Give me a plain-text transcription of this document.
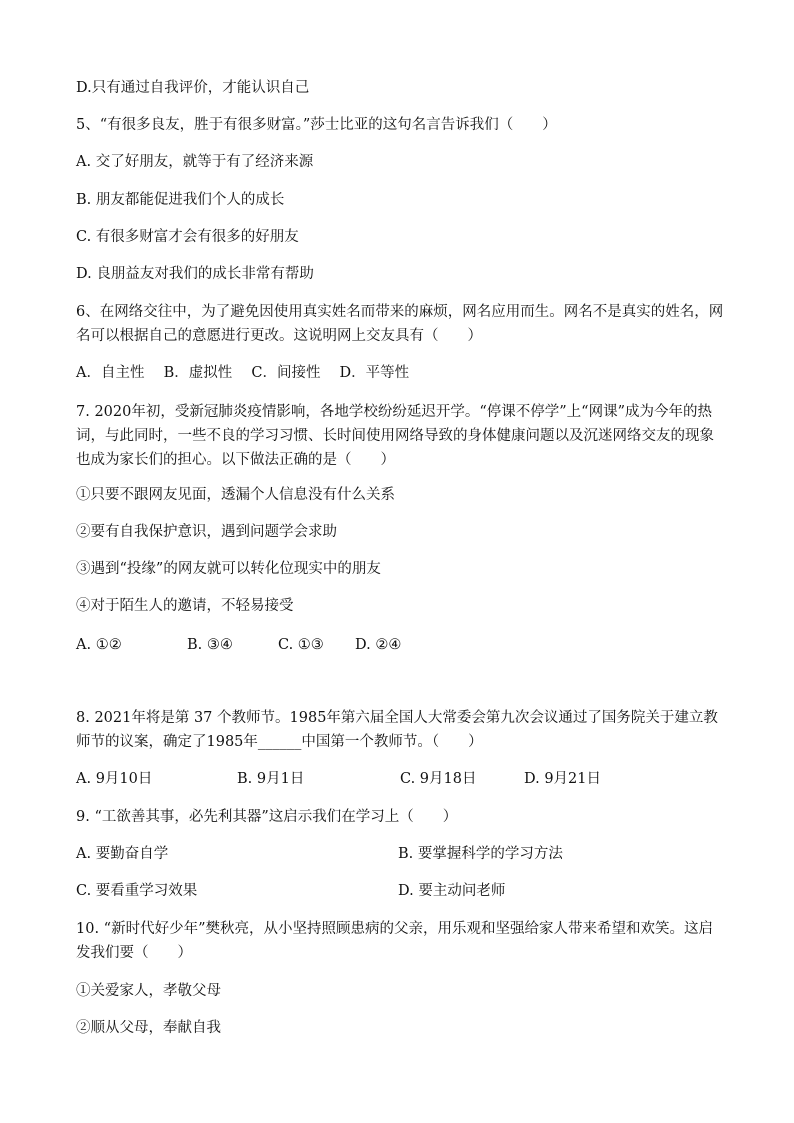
D.只有通过自我评价，才能认识自己
5、“有很多良友，胜于有很多财富。”莎士比亚的这句名言告诉我们（　　）
A. 交了好朋友，就等于有了经济来源
B. 朋友都能促进我们个人的成长
C. 有很多财富才会有很多的好朋友
D. 良朋益友对我们的成长非常有帮助
6、在网络交往中，为了避免因使用真实姓名而带来的麻烦，网名应用而生。网名不是真实的姓名，网名可以根据自己的意愿进行更改。这说明网上交友具有（　　）
A．自主性　 B．虚拟性　 C．间接性　 D．平等性
7. 2020年初，受新冠肺炎疫情影响，各地学校纷纷延迟开学。“停课不停学”上“网课”成为今年的热词，与此同时，一些不良的学习习惯、长时间使用网络导致的身体健康问题以及沉迷网络交友的现象也成为家长们的担心。以下做法正确的是（　　）
①只要不跟网友见面，透漏个人信息没有什么关系
②要有自我保护意识，遇到问题学会求助
③遇到“投缘”的网友就可以转化位现实中的朋友
④对于陌生人的邀请，不轻易接受
A. ①②	B. ③④	C. ①③ D. ②④
8. 2021年将是第 37 个教师节。1985年第六届全国人大常委会第九次会议通过了国务院关于建立教师节的议案，确定了1985年______中国第一个教师节。（　　）
A. 9月10日	B. 9月1日	C. 9月18日	D. 9月21日
9. “工欲善其事，必先利其器”这启示我们在学习上（　　）
A. 要勤奋自学	B. 要掌握科学的学习方法
C. 要看重学习效果	D. 要主动问老师
10. “新时代好少年”樊秋亮，从小坚持照顾患病的父亲，用乐观和坚强给家人带来希望和欢笑。这启发我们要（　　）
①关爱家人，孝敬父母
②顺从父母，奉献自我
